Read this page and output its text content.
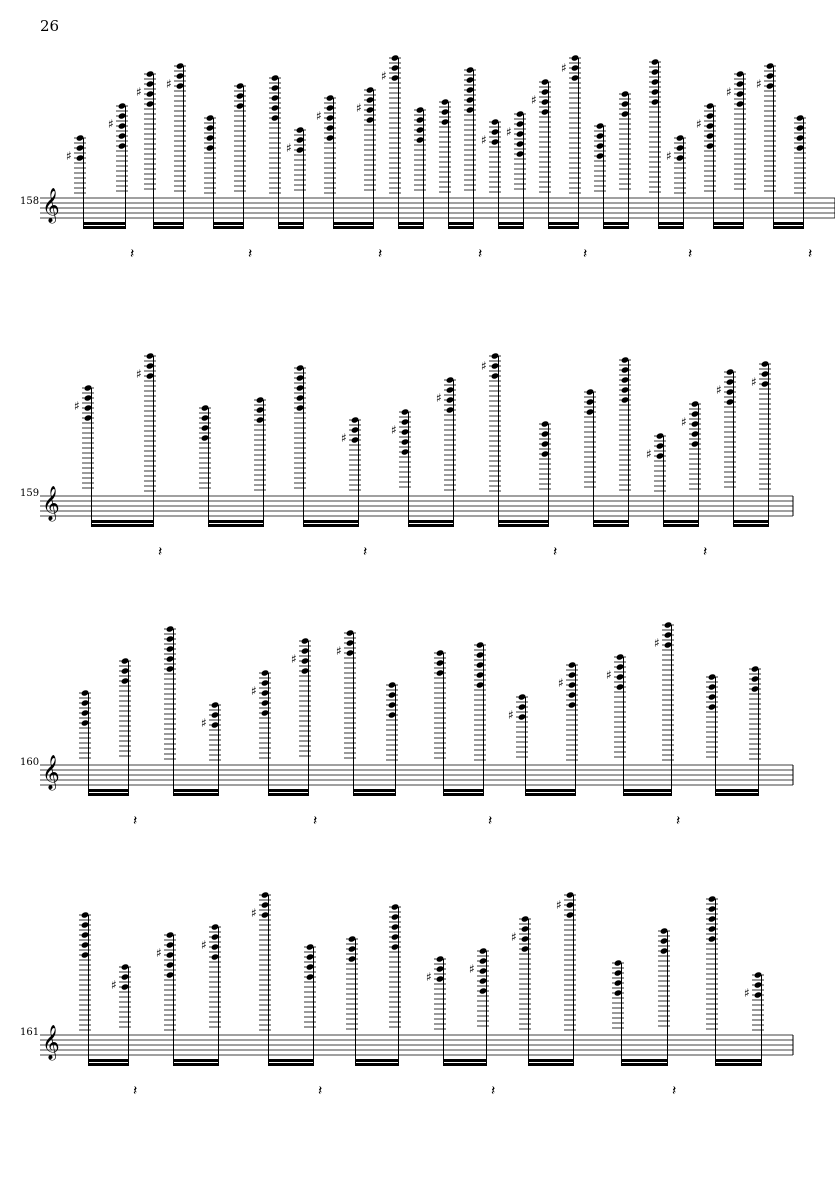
26
158
159
160
161
𝄞
♯
♯
𝄽
♯
♯
𝄽
♯
♯
♯
𝄽
♯
𝄽
♯
♯
♯
♯
𝄽
♯
𝄽
♯
♯
♯
𝄽
𝄞
♯
♯
𝄽
♯
𝄽
♯
♯
♯
𝄽
♯
♯
𝄽
♯
♯
𝄞
𝄽
♯
♯
♯
𝄽
♯
𝄽
♯
♯
♯
♯
𝄽
𝄞
♯
𝄽
♯
♯
♯
𝄽
♯
♯
𝄽
♯
♯
𝄽
♯
